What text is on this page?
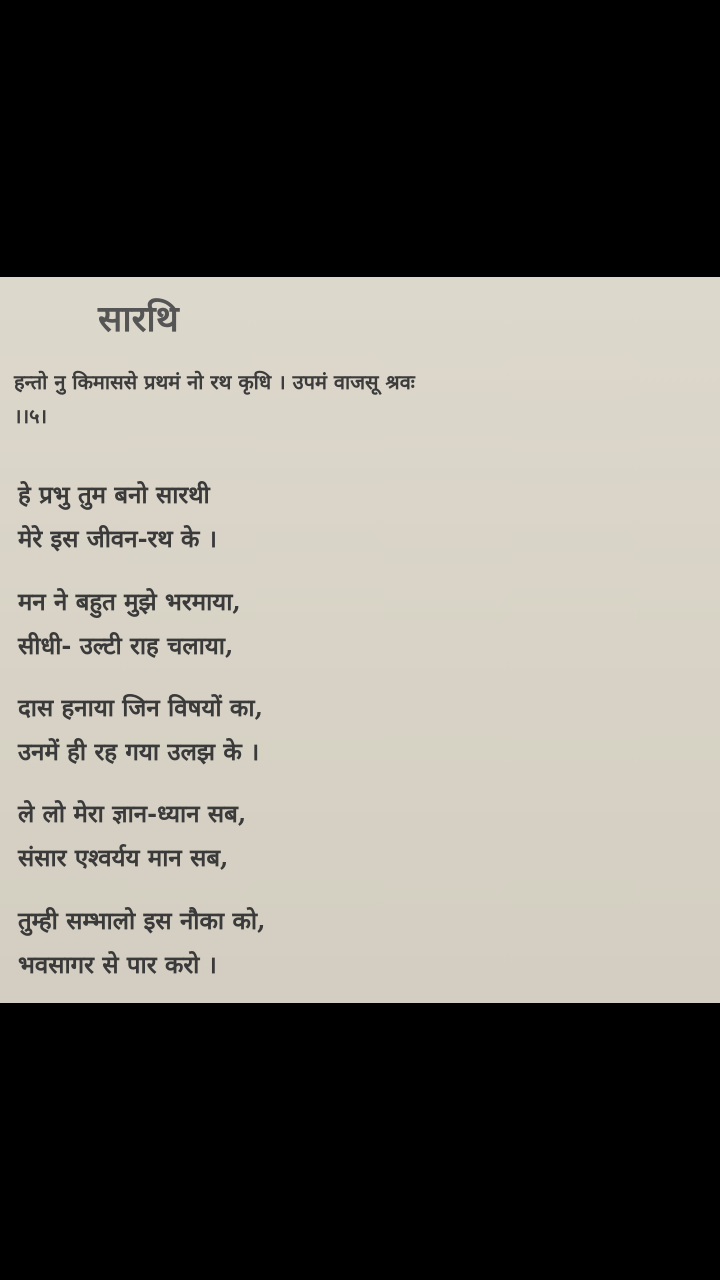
सारथि
हन्तो नु किमाससे प्रथमं नो रथ कृधि । उपमं वाजसू श्रवः
।।५।
हे प्रभु तुम बनो सारथी
मेरे इस जीवन-रथ के ।
मन ने बहुत मुझे भरमाया,
सीधी- उल्टी राह चलाया,
दास हनाया जिन विषयों का,
उनमें ही रह गया उलझ के ।
ले लो मेरा ज्ञान-ध्यान सब,
संसार एश्वर्यय मान सब,
तुम्ही सम्भालो इस नौका को,
भवसागर से पार करो ।
